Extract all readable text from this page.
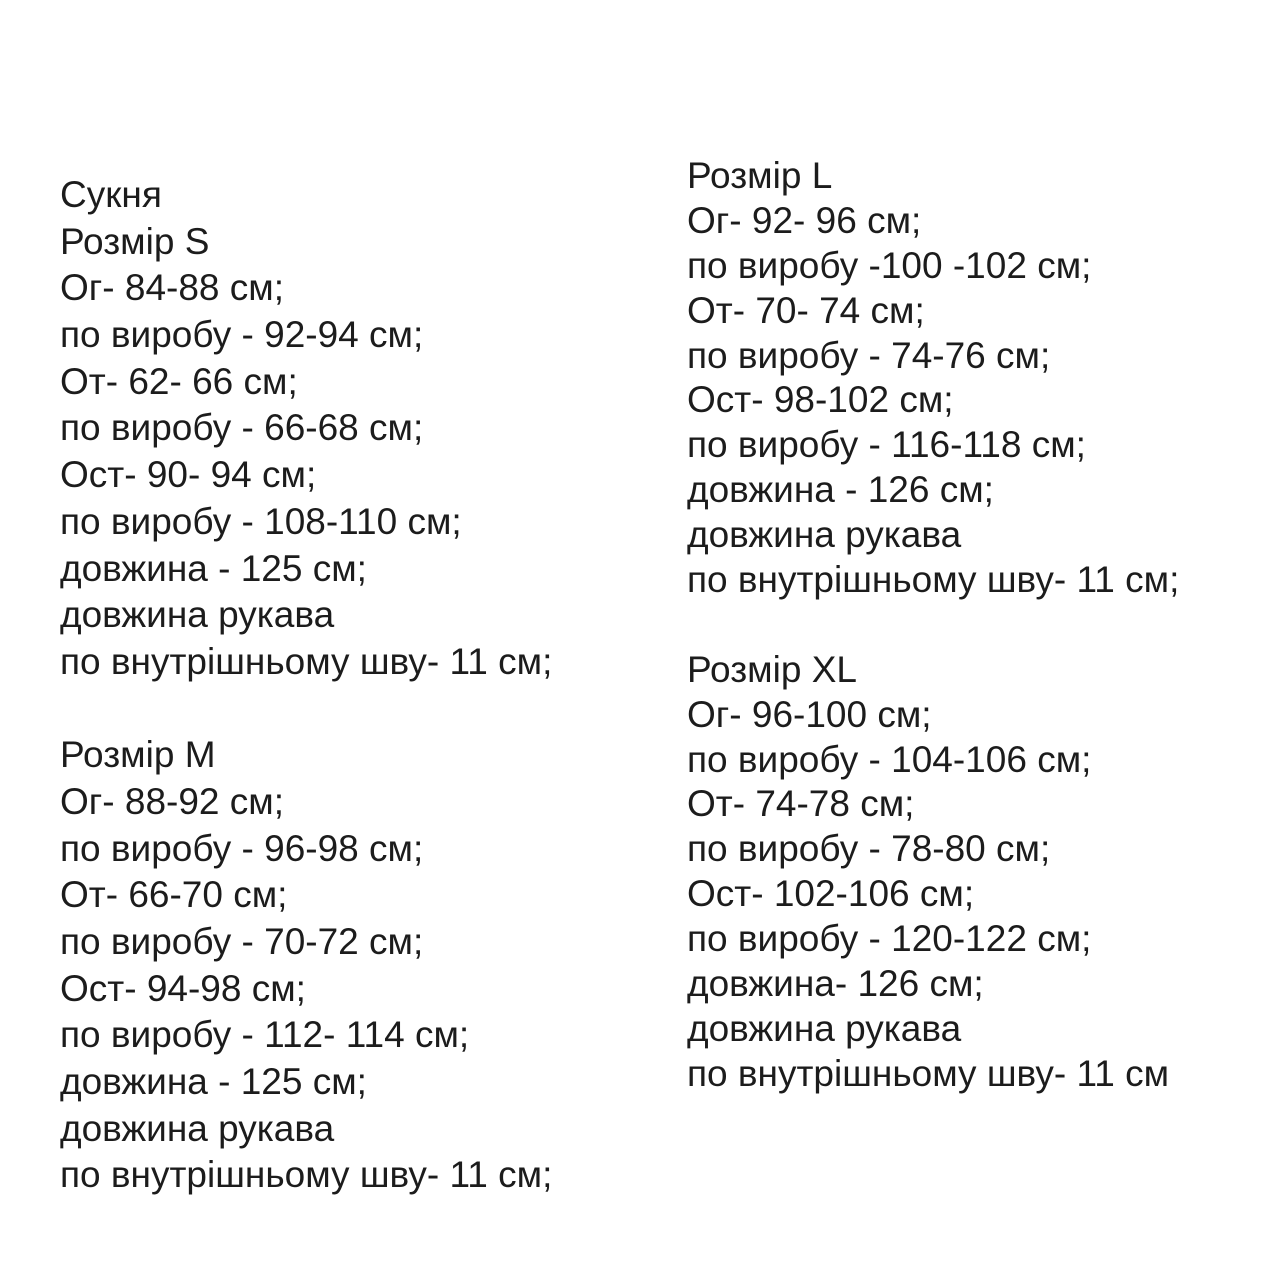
Сукня
Розмір S
Ог- 84-88 см;
по виробу - 92-94 см;
От- 62- 66 см;
по виробу - 66-68 см;
Ост- 90- 94 см;
по виробу - 108-110 см;
довжина - 125 см;
довжина рукава
по внутрішньому шву- 11 см;
Розмір M
Ог- 88-92 см;
по виробу - 96-98 см;
От- 66-70 см;
по виробу - 70-72 см;
Ост- 94-98 см;
по виробу - 112- 114 см;
довжина - 125 см;
довжина рукава
по внутрішньому шву- 11 см;
Розмір L
Ог- 92- 96 см;
по виробу -100 -102 см;
От- 70- 74 см;
по виробу - 74-76 см;
Ост- 98-102 см;
по виробу - 116-118 см;
довжина - 126 см;
довжина рукава
по внутрішньому шву- 11 см;
Розмір XL
Ог- 96-100 см;
по виробу - 104-106 см;
От- 74-78 см;
по виробу - 78-80 см;
Ост- 102-106 см;
по виробу - 120-122 см;
довжина- 126 см;
довжина рукава
по внутрішньому шву- 11 см
